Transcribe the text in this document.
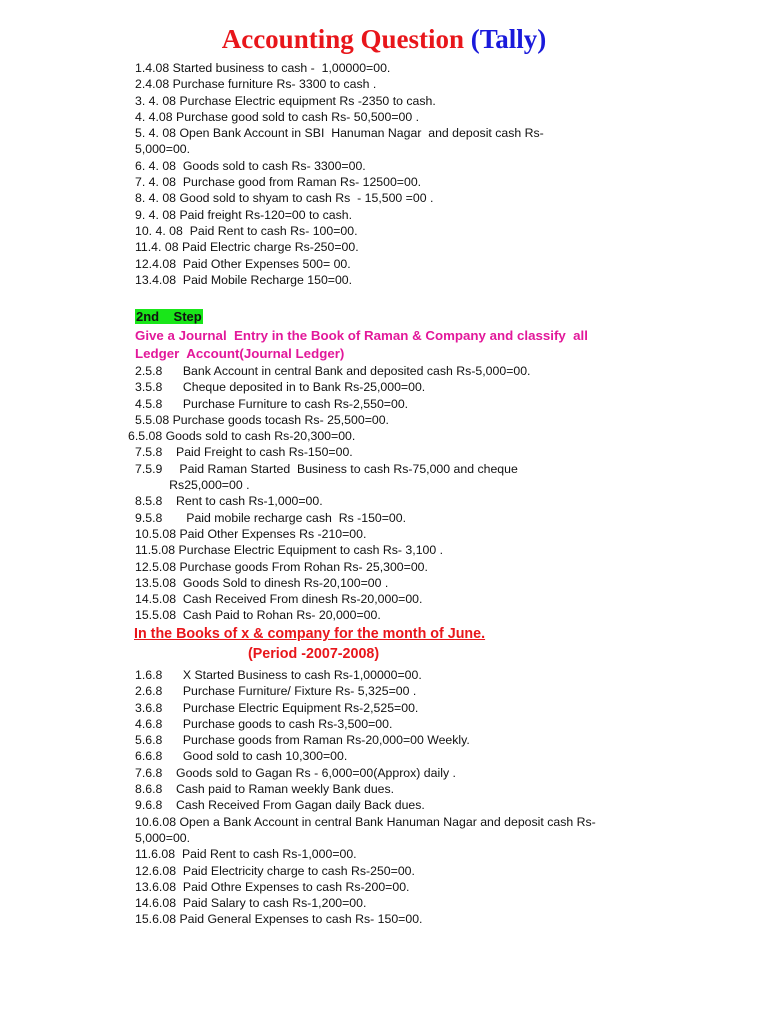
Accounting Question (Tally)
1.4.08 Started business to cash -  1,00000=00.
2.4.08 Purchase furniture Rs- 3300 to cash .
3. 4. 08 Purchase Electric equipment Rs -2350 to cash.
4. 4.08 Purchase good sold to cash Rs- 50,500=00 .
5. 4. 08 Open Bank Account in SBI  Hanuman Nagar  and deposit cash Rs-
5,000=00.
6. 4. 08  Goods sold to cash Rs- 3300=00.
7. 4. 08  Purchase good from Raman Rs- 12500=00.
8. 4. 08 Good sold to shyam to cash Rs  - 15,500 =00 .
9. 4. 08 Paid freight Rs-120=00 to cash.
10. 4. 08  Paid Rent to cash Rs- 100=00.
11.4. 08 Paid Electric charge Rs-250=00.
12.4.08  Paid Other Expenses 500= 00.
13.4.08  Paid Mobile Recharge 150=00.
2nd    Step
Give a Journal  Entry in the Book of Raman & Company and classify  all
Ledger  Account(Journal Ledger)
2.5.8      Bank Account in central Bank and deposited cash Rs-5,000=00.
3.5.8      Cheque deposited in to Bank Rs-25,000=00.
4.5.8      Purchase Furniture to cash Rs-2,550=00.
5.5.08 Purchase goods tocash Rs- 25,500=00.
6.5.08 Goods sold to cash Rs-20,300=00.
7.5.8    Paid Freight to cash Rs-150=00.
7.5.9     Paid Raman Started  Business to cash Rs-75,000 and cheque
Rs25,000=00 .
8.5.8    Rent to cash Rs-1,000=00.
9.5.8       Paid mobile recharge cash  Rs -150=00.
10.5.08 Paid Other Expenses Rs -210=00.
11.5.08 Purchase Electric Equipment to cash Rs- 3,100 .
12.5.08 Purchase goods From Rohan Rs- 25,300=00.
13.5.08  Goods Sold to dinesh Rs-20,100=00 .
14.5.08  Cash Received From dinesh Rs-20,000=00.
15.5.08  Cash Paid to Rohan Rs- 20,000=00.
In the Books of x & company for the month of June.
(Period -2007-2008)
1.6.8      X Started Business to cash Rs-1,00000=00.
2.6.8      Purchase Furniture/ Fixture Rs- 5,325=00 .
3.6.8      Purchase Electric Equipment Rs-2,525=00.
4.6.8      Purchase goods to cash Rs-3,500=00.
5.6.8      Purchase goods from Raman Rs-20,000=00 Weekly.
6.6.8      Good sold to cash 10,300=00.
7.6.8    Goods sold to Gagan Rs - 6,000=00(Approx) daily .
8.6.8    Cash paid to Raman weekly Bank dues.
9.6.8    Cash Received From Gagan daily Back dues.
10.6.08 Open a Bank Account in central Bank Hanuman Nagar and deposit cash Rs-
5,000=00.
11.6.08  Paid Rent to cash Rs-1,000=00.
12.6.08  Paid Electricity charge to cash Rs-250=00.
13.6.08  Paid Othre Expenses to cash Rs-200=00.
14.6.08  Paid Salary to cash Rs-1,200=00.
15.6.08 Paid General Expenses to cash Rs- 150=00.
